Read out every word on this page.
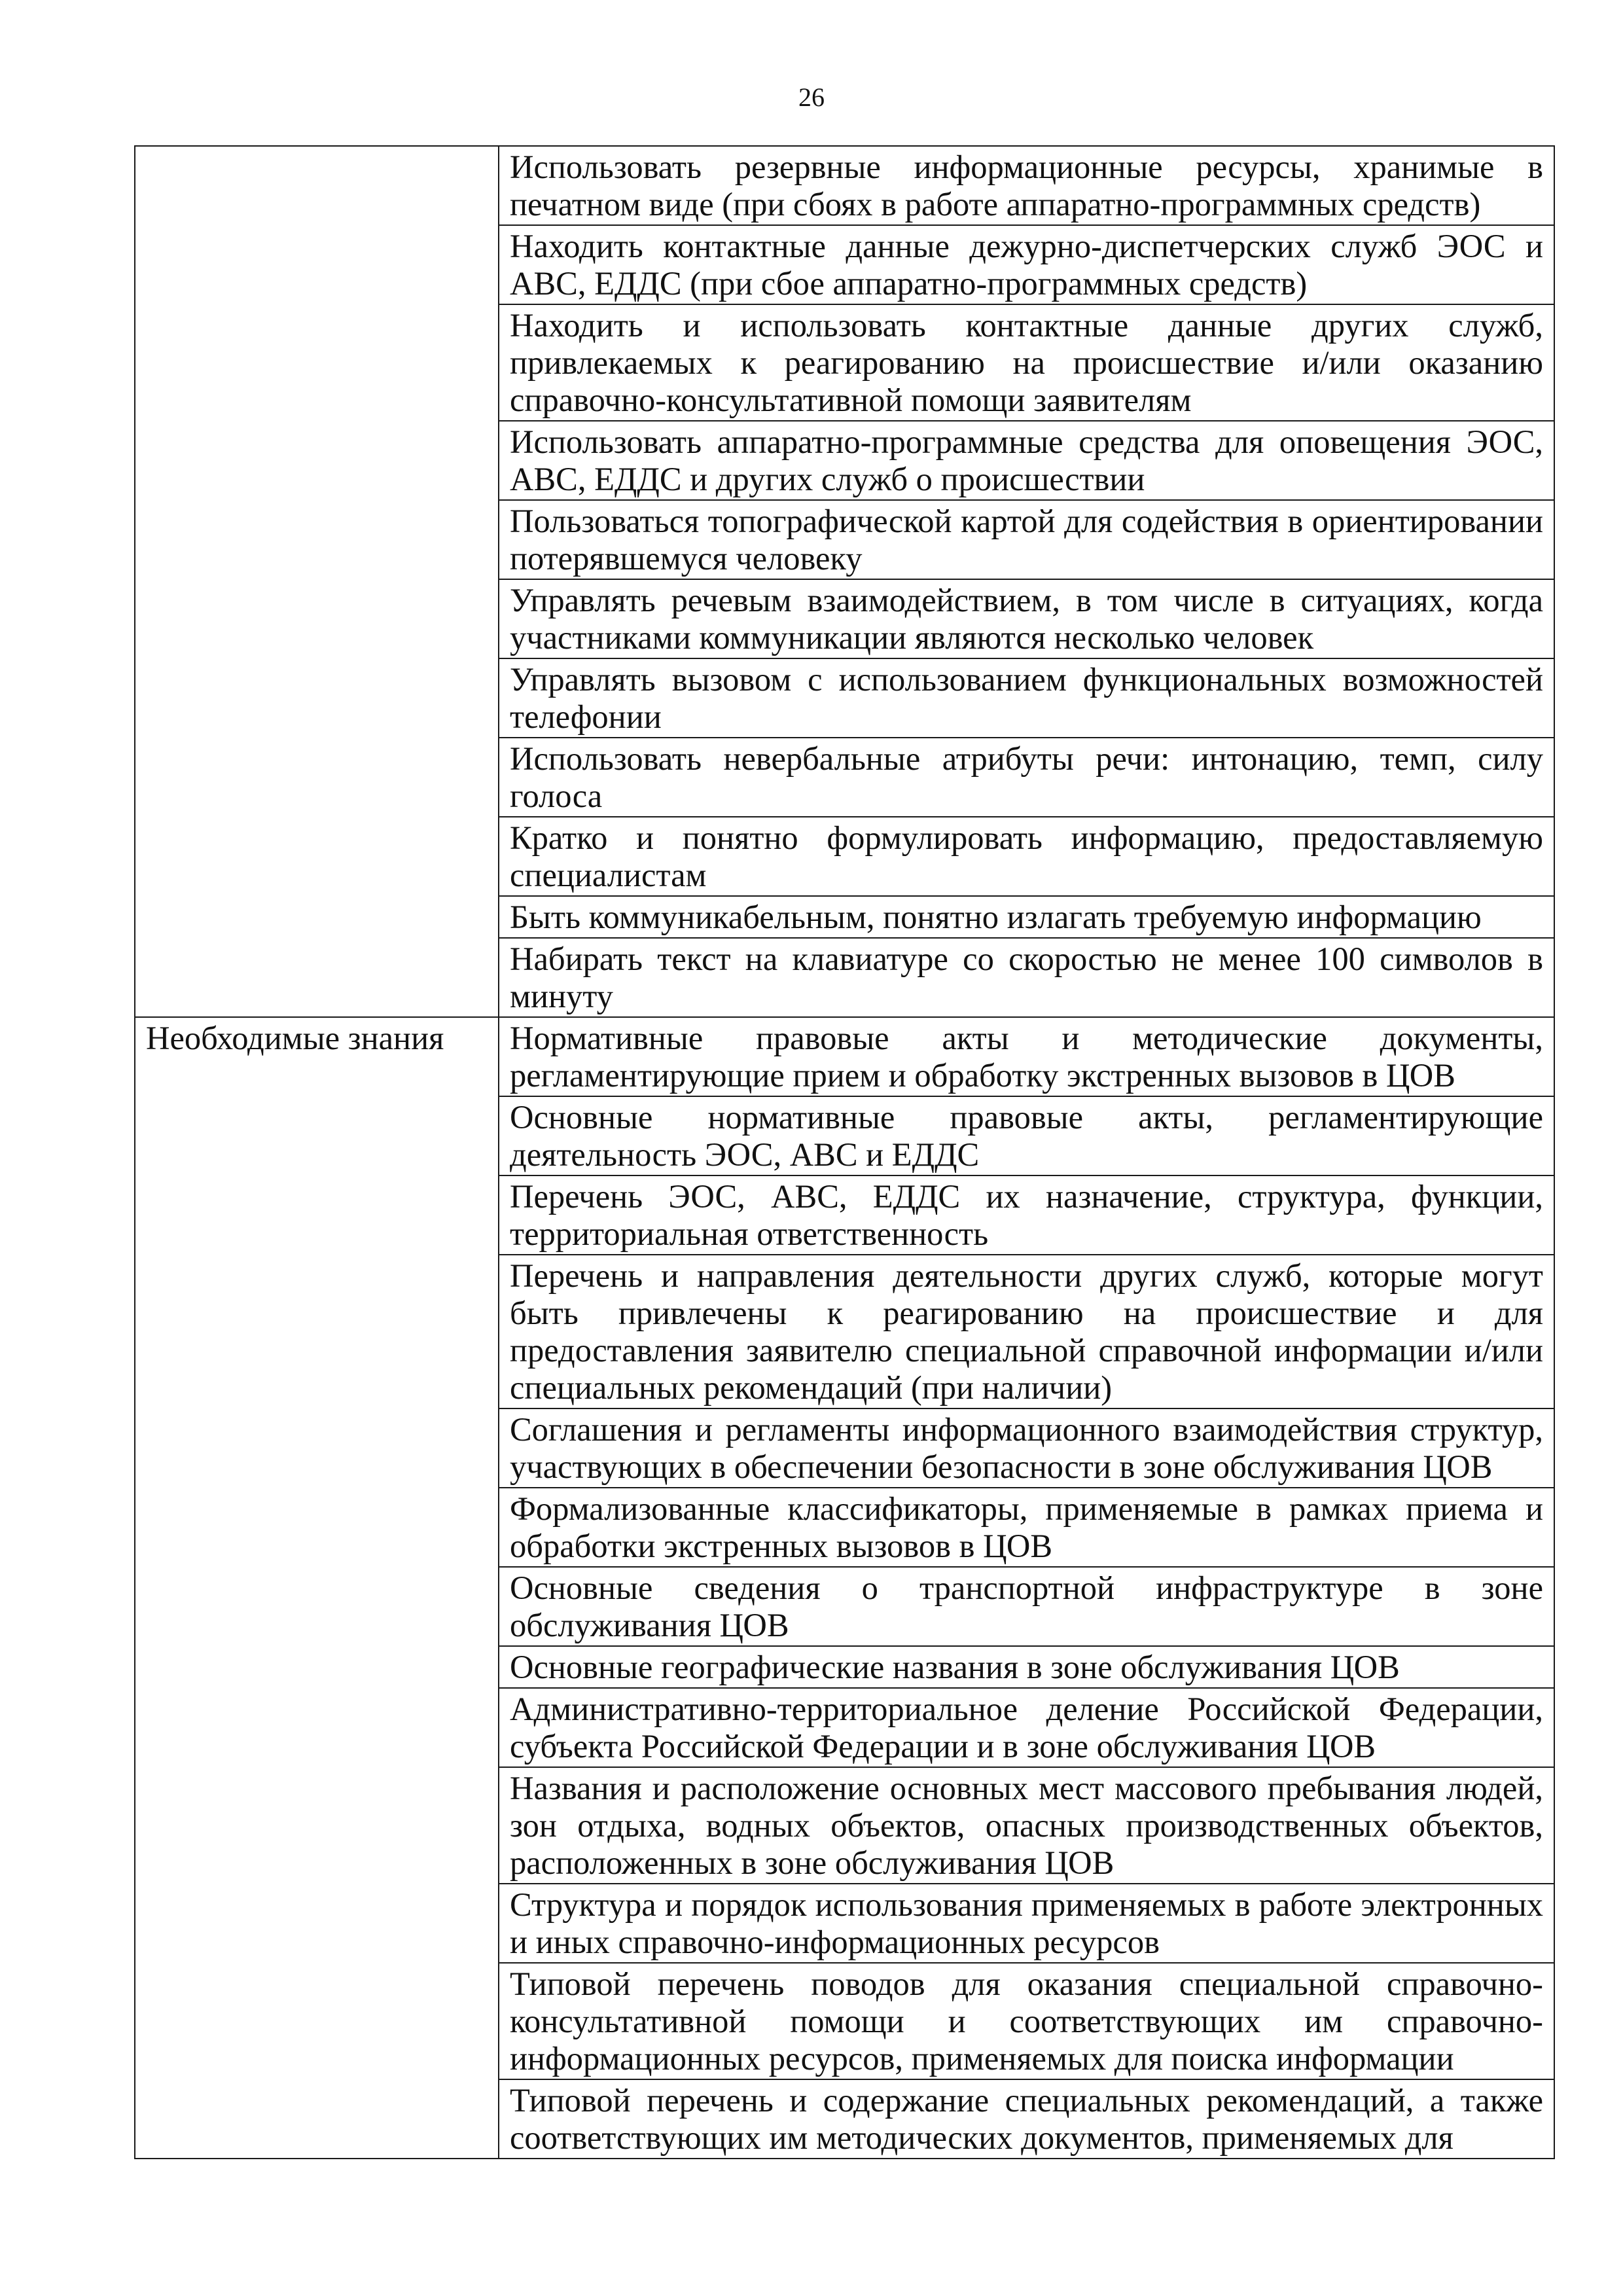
26
	Использовать резервные информационные ресурсы, хранимые в печатном виде (при сбоях в работе аппаратно-программных средств)
	Находить контактные данные дежурно-диспетчерских служб ЭОС и АВС, ЕДДС (при сбое аппаратно-программных средств)
	Находить и использовать контактные данные других служб, привлекаемых к реагированию на происшествие и/или оказанию справочно-консультативной помощи заявителям
	Использовать аппаратно-программные средства для оповещения ЭОС, АВС, ЕДДС и других служб о происшествии
	Пользоваться топографической картой для содействия в ориентировании потерявшемуся человеку
	Управлять речевым взаимодействием, в том числе в ситуациях, когда участниками коммуникации являются несколько человек
	Управлять вызовом с использованием функциональных возможностей телефонии
	Использовать невербальные атрибуты речи: интонацию, темп, силу голоса
	Кратко и понятно формулировать информацию, предоставляемую специалистам
	Быть коммуникабельным, понятно излагать требуемую информацию
	Набирать текст на клавиатуре со скоростью не менее 100 символов в минуту
Необходимые знания	Нормативные правовые акты и методические документы, регламентирующие прием и обработку экстренных вызовов в ЦОВ
	Основные нормативные правовые акты, регламентирующие деятельность ЭОС, АВС и ЕДДС
	Перечень ЭОС, АВС, ЕДДС их назначение, структура, функции, территориальная ответственность
	Перечень и направления деятельности других служб, которые могут быть привлечены к реагированию на происшествие и для предоставления заявителю специальной справочной информации и/или специальных рекомендаций (при наличии)
	Соглашения и регламенты информационного взаимодействия структур, участвующих в обеспечении безопасности в зоне обслуживания ЦОВ
	Формализованные классификаторы, применяемые в рамках приема и обработки экстренных вызовов в ЦОВ
	Основные сведения о транспортной инфраструктуре в зоне обслуживания ЦОВ
	Основные географические названия в зоне обслуживания ЦОВ
	Административно-территориальное деление Российской Федерации, субъекта Российской Федерации и в зоне обслуживания ЦОВ
	Названия и расположение основных мест массового пребывания людей, зон отдыха, водных объектов, опасных производственных объектов, расположенных в зоне обслуживания ЦОВ
	Структура и порядок использования применяемых в работе электронных и иных справочно-информационных ресурсов
	Типовой перечень поводов для оказания специальной справочно-консультативной помощи и соответствующих им справочно-информационных ресурсов, применяемых для поиска информации
	Типовой перечень и содержание специальных рекомендаций, а также соответствующих им методических документов, применяемых для
